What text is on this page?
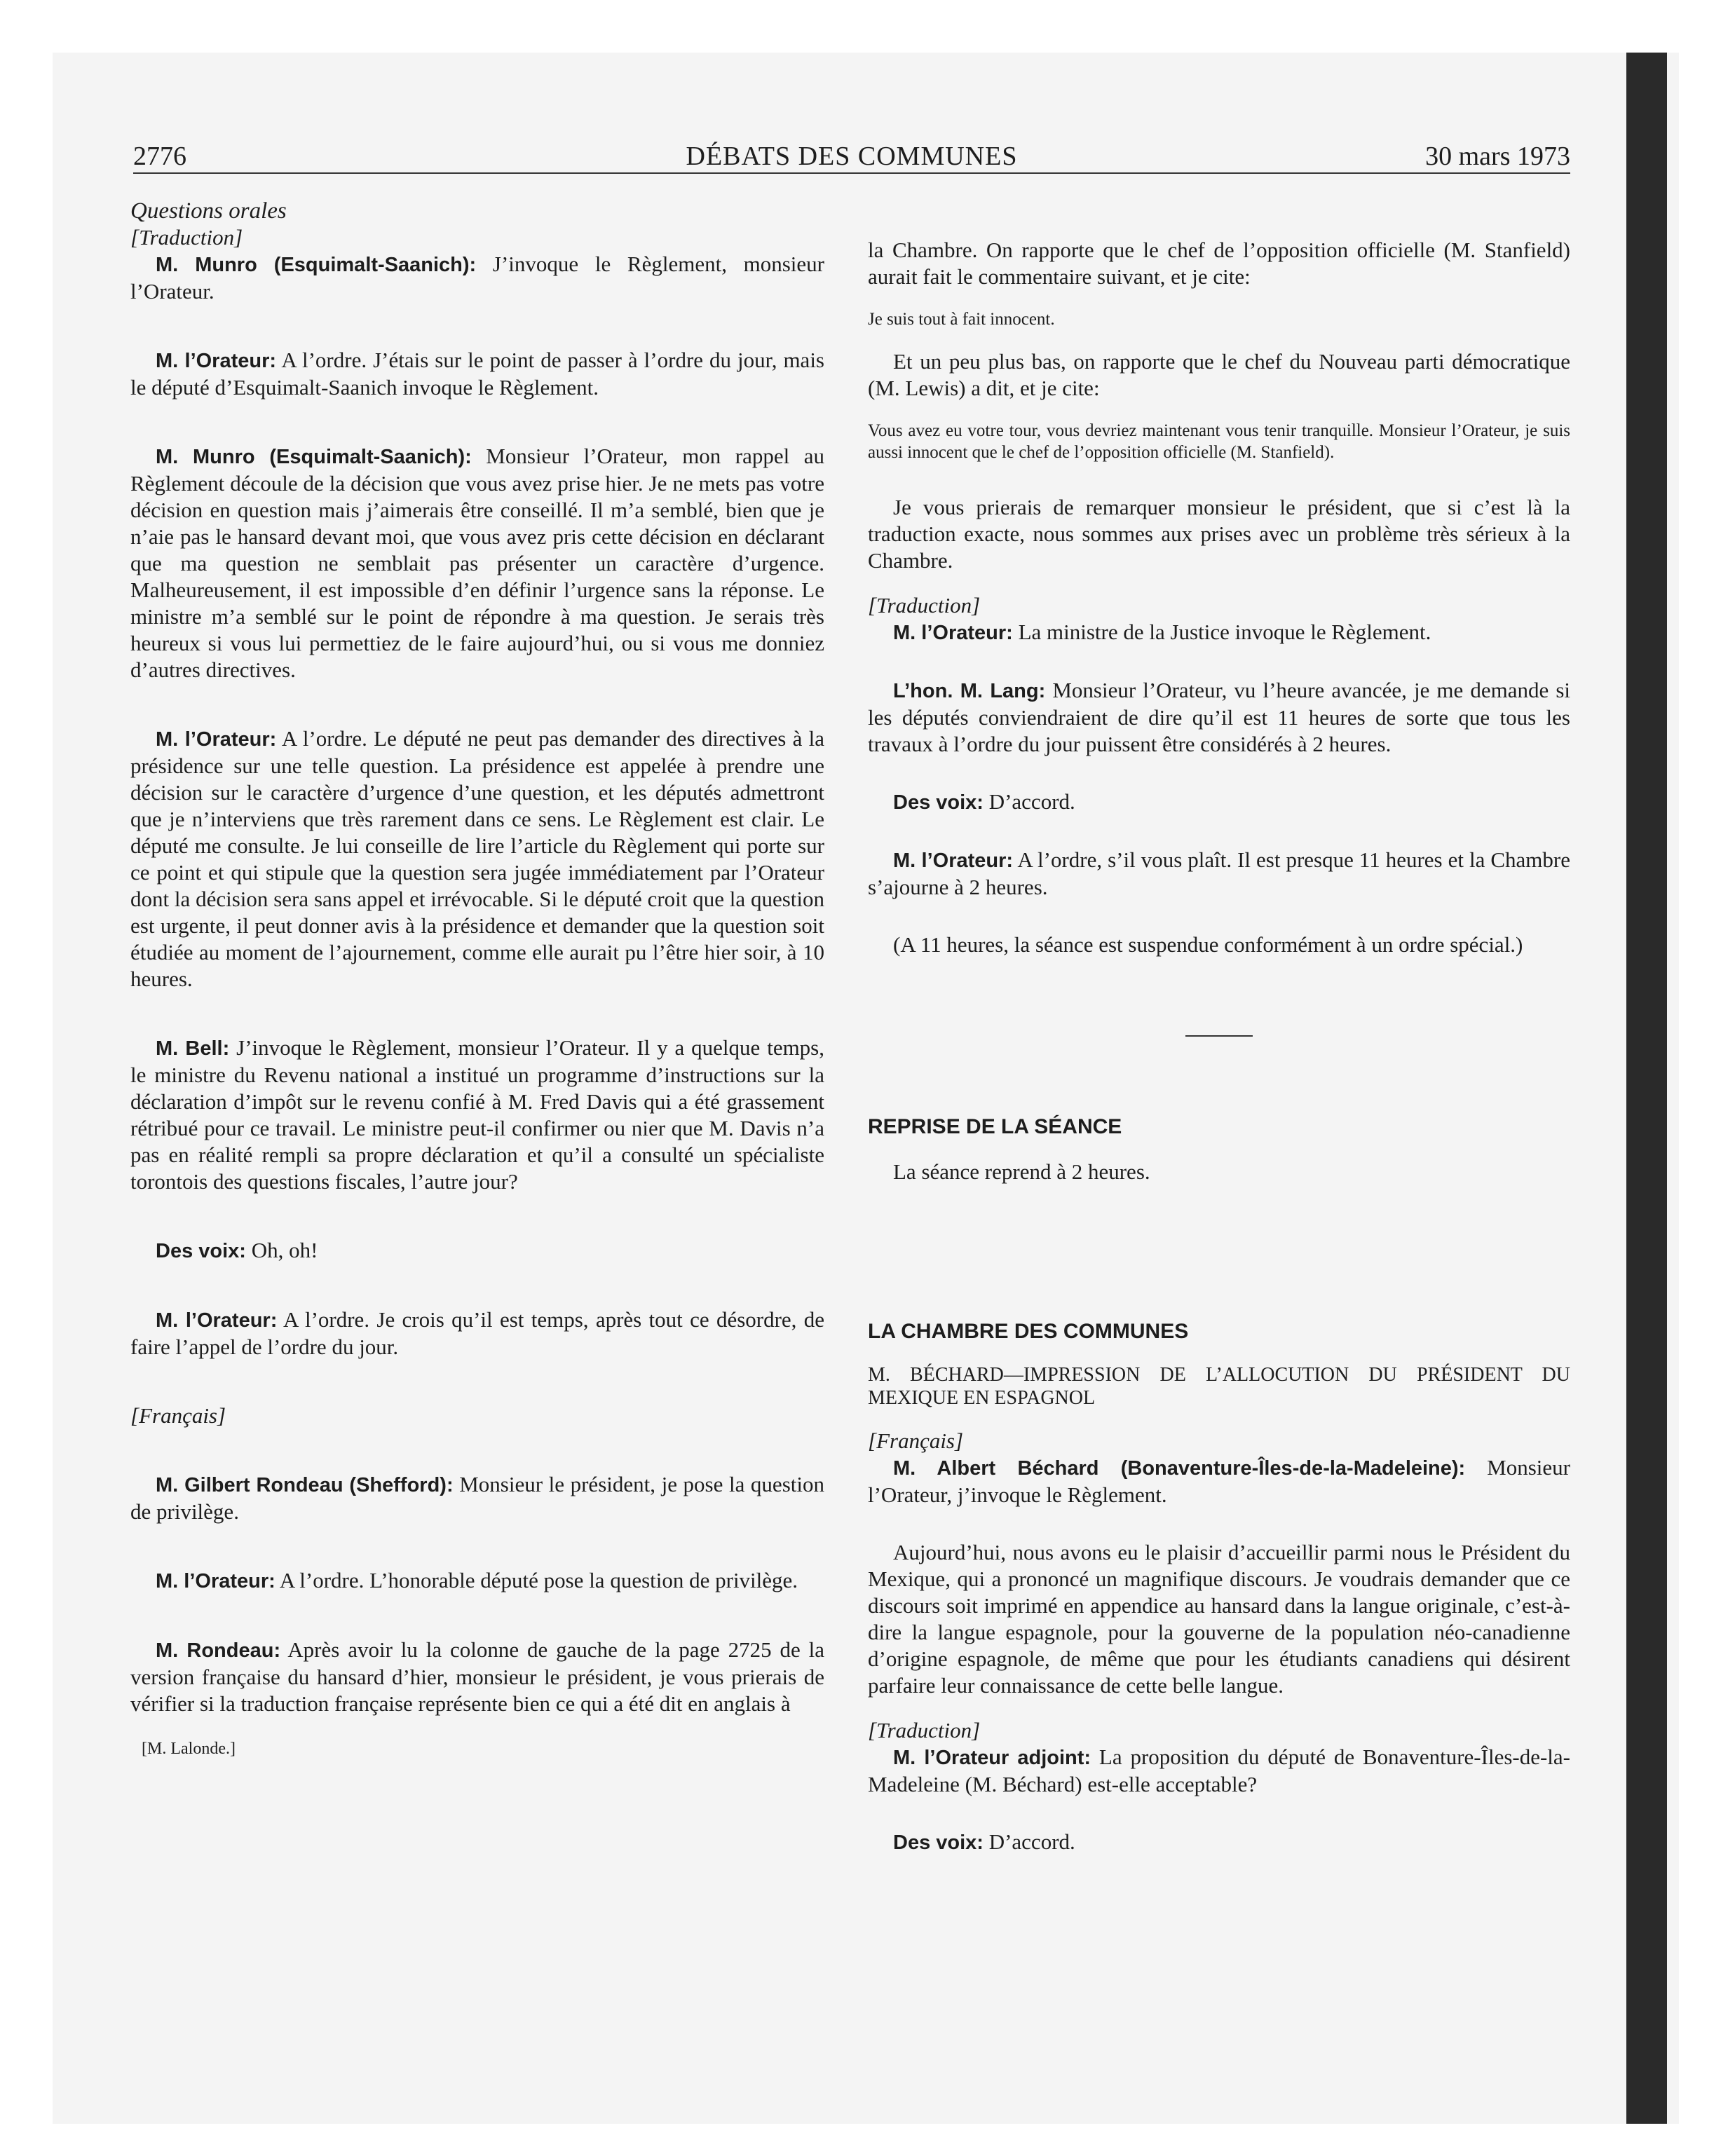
2776	DÉBATS DES COMMUNES	30 mars 1973

Questions orales

[Traduction]

M. Munro (Esquimalt-Saanich): J’invoque le Règlement, monsieur l’Orateur.

M. l’Orateur: A l’ordre. J’étais sur le point de passer à l’ordre du jour, mais le député d’Esquimalt-Saanich invoque le Règlement.

M. Munro (Esquimalt-Saanich): Monsieur l’Orateur, mon rappel au Règlement découle de la décision que vous avez prise hier. Je ne mets pas votre décision en question mais j’aimerais être conseillé. Il m’a semblé, bien que je n’aie pas le hansard devant moi, que vous avez pris cette décision en déclarant que ma question ne semblait pas présenter un caractère d’urgence. Malheureusement, il est impossible d’en définir l’urgence sans la réponse. Le ministre m’a semblé sur le point de répondre à ma question. Je serais très heureux si vous lui permettiez de le faire aujourd’hui, ou si vous me donniez d’autres directives.

M. l’Orateur: A l’ordre. Le député ne peut pas demander des directives à la présidence sur une telle question. La présidence est appelée à prendre une décision sur le caractère d’urgence d’une question, et les députés admettront que je n’interviens que très rarement dans ce sens. Le Règlement est clair. Le député me consulte. Je lui conseille de lire l’article du Règlement qui porte sur ce point et qui stipule que la question sera jugée immédiatement par l’Orateur dont la décision sera sans appel et irrévocable. Si le député croit que la question est urgente, il peut donner avis à la présidence et demander que la question soit étudiée au moment de l’ajournement, comme elle aurait pu l’être hier soir, à 10 heures.

M. Bell: J’invoque le Règlement, monsieur l’Orateur. Il y a quelque temps, le ministre du Revenu national a institué un programme d’instructions sur la déclaration d’impôt sur le revenu confié à M. Fred Davis qui a été grassement rétribué pour ce travail. Le ministre peut-il confirmer ou nier que M. Davis n’a pas en réalité rempli sa propre déclaration et qu’il a consulté un spécialiste torontois des questions fiscales, l’autre jour?

Des voix: Oh, oh!

M. l’Orateur: A l’ordre. Je crois qu’il est temps, après tout ce désordre, de faire l’appel de l’ordre du jour.

[Français]

M. Gilbert Rondeau (Shefford): Monsieur le président, je pose la question de privilège.

M. l’Orateur: A l’ordre. L’honorable député pose la question de privilège.

M. Rondeau: Après avoir lu la colonne de gauche de la page 2725 de la version française du hansard d’hier, monsieur le président, je vous prierais de vérifier si la traduction française représente bien ce qui a été dit en anglais à

[M. Lalonde.]

la Chambre. On rapporte que le chef de l’opposition officielle (M. Stanfield) aurait fait le commentaire suivant, et je cite:

Je suis tout à fait innocent.

Et un peu plus bas, on rapporte que le chef du Nouveau parti démocratique (M. Lewis) a dit, et je cite:

Vous avez eu votre tour, vous devriez maintenant vous tenir tranquille. Monsieur l’Orateur, je suis aussi innocent que le chef de l’opposition officielle (M. Stanfield).

Je vous prierais de remarquer monsieur le président, que si c’est là la traduction exacte, nous sommes aux prises avec un problème très sérieux à la Chambre.

[Traduction]

M. l’Orateur: La ministre de la Justice invoque le Règlement.

L’hon. M. Lang: Monsieur l’Orateur, vu l’heure avancée, je me demande si les députés conviendraient de dire qu’il est 11 heures de sorte que tous les travaux à l’ordre du jour puissent être considérés à 2 heures.

Des voix: D’accord.

M. l’Orateur: A l’ordre, s’il vous plaît. Il est presque 11 heures et la Chambre s’ajourne à 2 heures.

(A 11 heures, la séance est suspendue conformément à un ordre spécial.)

REPRISE DE LA SÉANCE

La séance reprend à 2 heures.

LA CHAMBRE DES COMMUNES

M. BÉCHARD—IMPRESSION DE L’ALLOCUTION DU PRÉSIDENT DU MEXIQUE EN ESPAGNOL

[Français]

M. Albert Béchard (Bonaventure-Îles-de-la-Madeleine): Monsieur l’Orateur, j’invoque le Règlement.

Aujourd’hui, nous avons eu le plaisir d’accueillir parmi nous le Président du Mexique, qui a prononcé un magnifique discours. Je voudrais demander que ce discours soit imprimé en appendice au hansard dans la langue originale, c’est-à-dire la langue espagnole, pour la gouverne de la population néo-canadienne d’origine espagnole, de même que pour les étudiants canadiens qui désirent parfaire leur connaissance de cette belle langue.

[Traduction]

M. l’Orateur adjoint: La proposition du député de Bonaventure-Îles-de-la-Madeleine (M. Béchard) est-elle acceptable?

Des voix: D’accord.
